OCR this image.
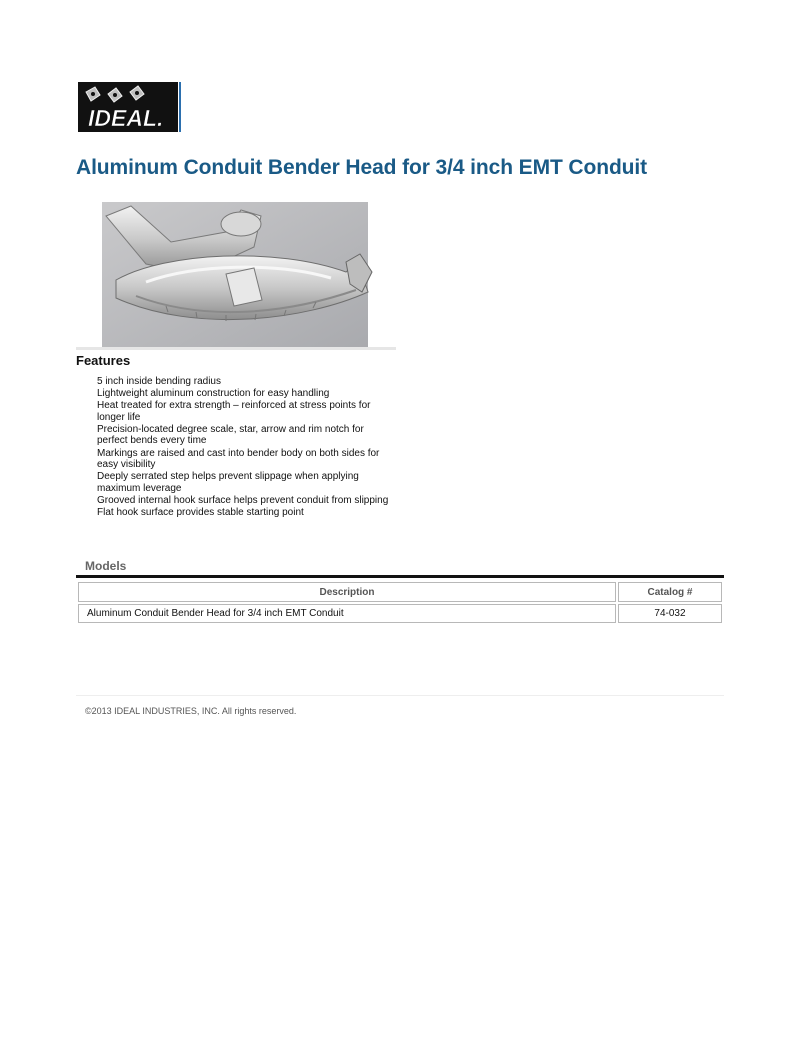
IDEAL.
Aluminum Conduit Bender Head for 3/4 inch EMT Conduit
Features
5 inch inside bending radius
Lightweight aluminum construction for easy handling
Heat treated for extra strength – reinforced at stress points for longer life
Precision-located degree scale, star, arrow and rim notch for perfect bends every time
Markings are raised and cast into bender body on both sides for easy visibility
Deeply serrated step helps prevent slippage when applying maximum leverage
Grooved internal hook surface helps prevent conduit from slipping
Flat hook surface provides stable starting point
Models
Description	Catalog #
Aluminum Conduit Bender Head for 3/4 inch EMT Conduit	74-032

©2013 IDEAL INDUSTRIES, INC. All rights reserved.
